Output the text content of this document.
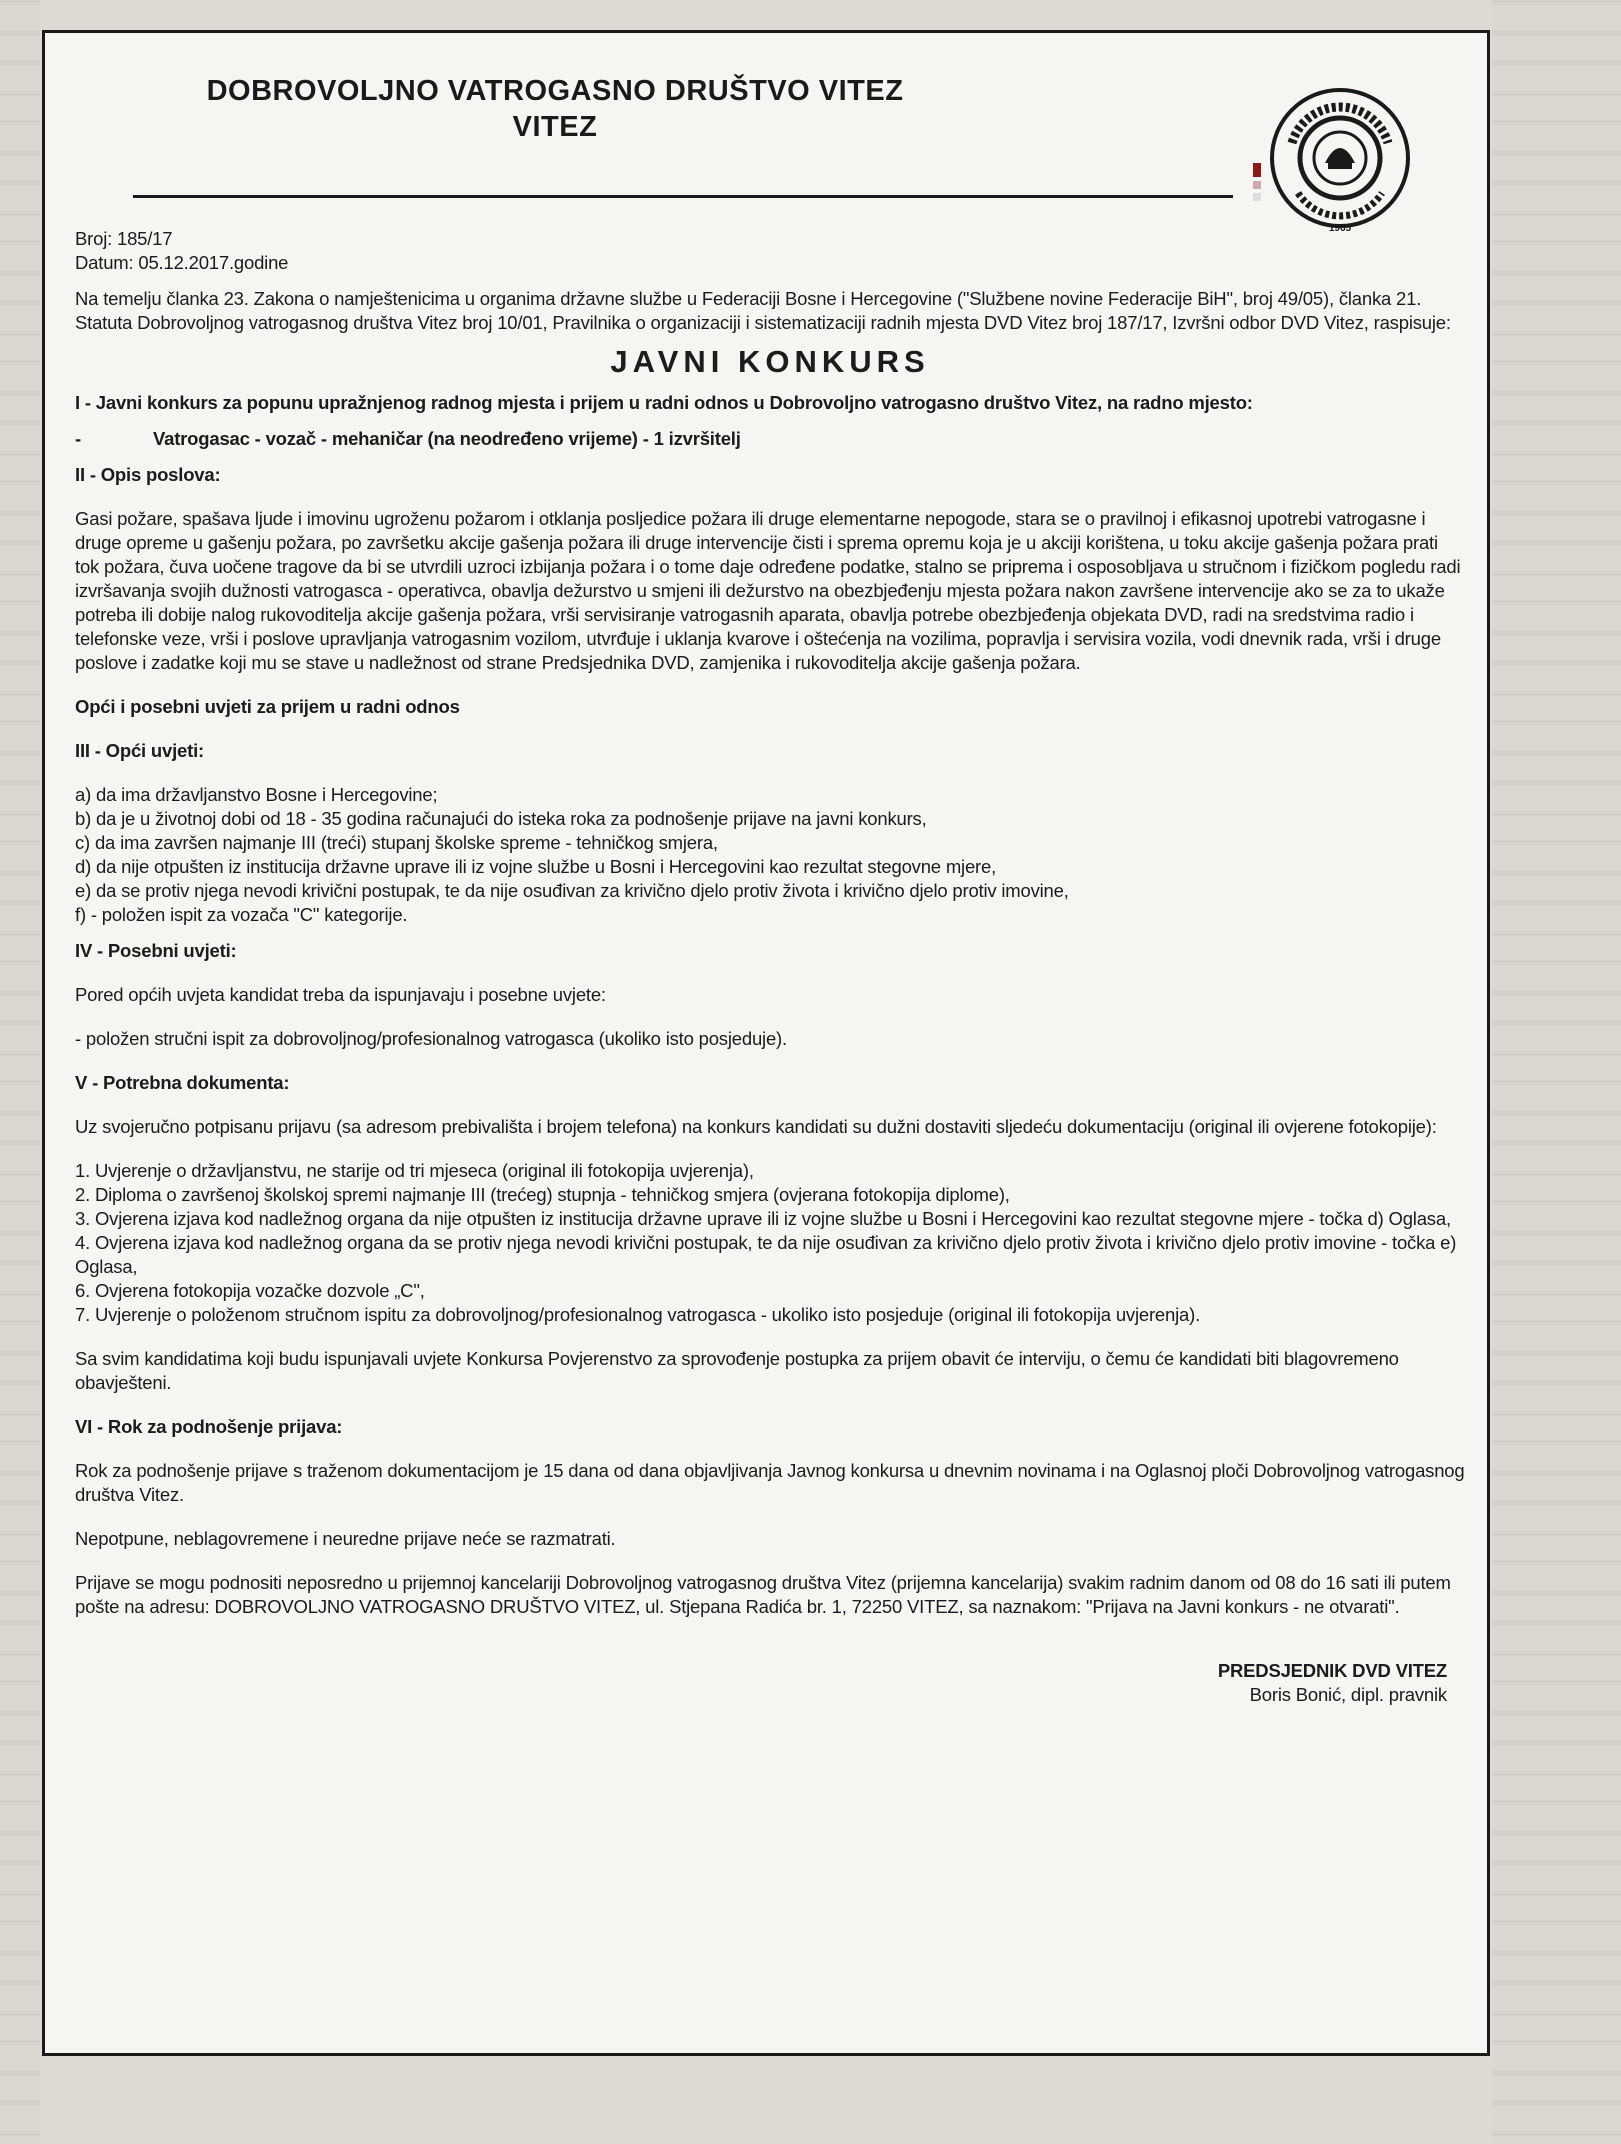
DOBROVOLJNO VATROGASNO DRUŠTVO VITEZ
VITEZ
1965

Broj: 185/17

Datum: 05.12.2017.godine

Na temelju članka 23. Zakona o namještenicima u organima državne službe u Federaciji Bosne i Hercegovine ("Službene novine Federacije BiH", broj 49/05), članka 21. Statuta Dobrovoljnog vatrogasnog društva Vitez broj 10/01, Pravilnika o organizaciji i sistematizaciji radnih mjesta DVD Vitez broj 187/17, Izvršni odbor DVD Vitez, raspisuje:

JAVNI KONKURS

I - Javni konkurs za popunu upražnjenog radnog mjesta i prijem u radni odnos u Dobrovoljno vatrogasno društvo Vitez, na radno mjesto:

-	Vatrogasac - vozač - mehaničar (na neodređeno vrijeme) - 1 izvršitelj

II - Opis poslova:

Gasi požare, spašava ljude i imovinu ugroženu požarom i otklanja posljedice požara ili druge elementarne nepogode, stara se o pravilnoj i efikasnoj upotrebi vatrogasne i druge opreme u gašenju požara, po završetku akcije gašenja požara ili druge intervencije čisti i sprema opremu koja je u akciji korištena, u toku akcije gašenja požara prati tok požara, čuva uočene tragove da bi se utvrdili uzroci izbijanja požara i o tome daje određene podatke, stalno se priprema i osposobljava u stručnom i fizičkom pogledu radi izvršavanja svojih dužnosti vatrogasca - operativca, obavlja dežurstvo u smjeni ili dežurstvo na obezbjeđenju mjesta požara nakon završene intervencije ako se za to ukaže potreba ili dobije nalog rukovoditelja akcije gašenja požara, vrši servisiranje vatrogasnih aparata, obavlja potrebe obezbjeđenja objekata DVD, radi na sredstvima radio i telefonske veze, vrši i poslove upravljanja vatrogasnim vozilom, utvrđuje i uklanja kvarove i oštećenja na vozilima, popravlja i servisira vozila, vodi dnevnik rada, vrši i druge poslove i zadatke koji mu se stave u nadležnost od strane Predsjednika DVD, zamjenika i rukovoditelja akcije gašenja požara.

Opći i posebni uvjeti za prijem u radni odnos

III - Opći uvjeti:

a) da ima državljanstvo Bosne i Hercegovine;

b) da je u životnoj dobi od 18 - 35 godina računajući do isteka roka za podnošenje prijave na javni konkurs,

c) da ima završen najmanje III (treći) stupanj školske spreme - tehničkog smjera,

d) da nije otpušten iz institucija državne uprave ili iz vojne službe u Bosni i Hercegovini kao rezultat stegovne mjere,

e) da se protiv njega nevodi krivični postupak, te da nije osuđivan za krivično djelo protiv života i krivično djelo protiv imovine,

f) - položen ispit za vozača "C" kategorije.

IV - Posebni uvjeti:

Pored općih uvjeta kandidat treba da ispunjavaju i posebne uvjete:

- položen stručni ispit za dobrovoljnog/profesionalnog vatrogasca (ukoliko isto posjeduje).

V - Potrebna dokumenta:

Uz svojeručno potpisanu prijavu (sa adresom prebivališta i brojem telefona) na konkurs kandidati su dužni dostaviti sljedeću dokumentaciju (original ili ovjerene fotokopije):

1. Uvjerenje o državljanstvu, ne starije od tri mjeseca (original ili fotokopija uvjerenja),

2. Diploma o završenoj školskoj spremi najmanje III (trećeg) stupnja - tehničkog smjera (ovjerana fotokopija diplome),

3. Ovjerena izjava kod nadležnog organa da nije otpušten iz institucija državne uprave ili iz vojne službe u Bosni i Hercegovini kao rezultat stegovne mjere - točka d) Oglasa,

4. Ovjerena izjava kod nadležnog organa da se protiv njega nevodi krivični postupak, te da nije osuđivan za krivično djelo protiv života i krivično djelo protiv imovine - točka e) Oglasa,

6. Ovjerena fotokopija vozačke dozvole „C",

7. Uvjerenje o položenom stručnom ispitu za dobrovoljnog/profesionalnog vatrogasca - ukoliko isto posjeduje (original ili fotokopija uvjerenja).

Sa svim kandidatima koji budu ispunjavali uvjete Konkursa Povjerenstvo za sprovođenje postupka za prijem obavit će interviju, o čemu će kandidati biti blagovremeno obavješteni.

VI - Rok za podnošenje prijava:

Rok za podnošenje prijave s traženom dokumentacijom je 15 dana od dana objavljivanja Javnog konkursa u dnevnim novinama i na Oglasnoj ploči Dobrovoljnog vatrogasnog društva Vitez.

Nepotpune, neblagovremene i neuredne prijave neće se razmatrati.

Prijave se mogu podnositi neposredno u prijemnoj kancelariji Dobrovoljnog vatrogasnog društva Vitez (prijemna kancelarija) svakim radnim danom od 08 do 16 sati ili putem pošte na adresu: DOBROVOLJNO VATROGASNO DRUŠTVO VITEZ, ul. Stjepana Radića br. 1, 72250 VITEZ, sa naznakom: "Prijava na Javni konkurs - ne otvarati".

PREDSJEDNIK DVD VITEZ

Boris Bonić, dipl. pravnik
